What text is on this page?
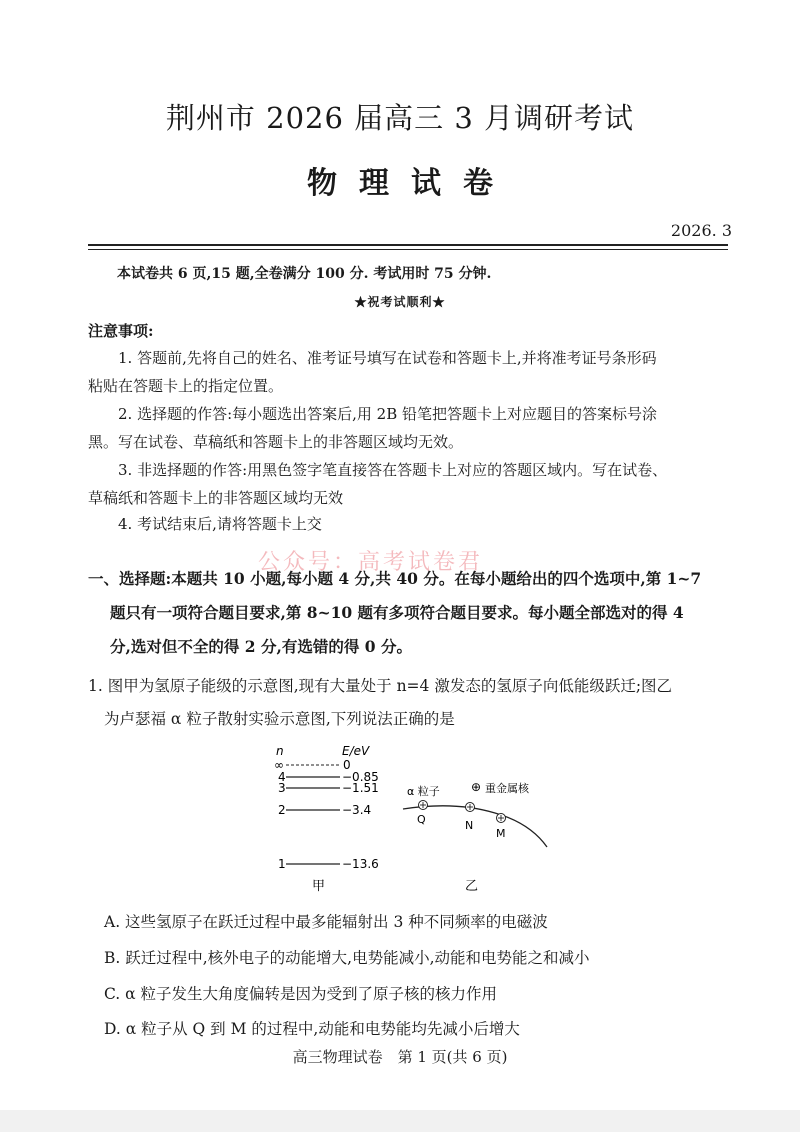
荆州市 2026 届高三 3 月调研考试
物理试卷
2026. 3
本试卷共 6 页,15 题,全卷满分 100 分. 考试用时 75 分钟.
★祝考试顺利★
注意事项:
1. 答题前,先将自己的姓名、准考证号填写在试卷和答题卡上,并将准考证号条形码
粘贴在答题卡上的指定位置。
2. 选择题的作答:每小题选出答案后,用 2B 铅笔把答题卡上对应题目的答案标号涂
黑。写在试卷、草稿纸和答题卡上的非答题区域均无效。
3. 非选择题的作答:用黑色签字笔直接答在答题卡上对应的答题区域内。写在试卷、
草稿纸和答题卡上的非答题区域均无效
4. 考试结束后,请将答题卡上交
公众号：高考试卷君
一、选择题:本题共 10 小题,每小题 4 分,共 40 分。在每小题给出的四个选项中,第 1~7
题只有一项符合题目要求,第 8~10 题有多项符合题目要求。每小题全部选对的得 4
分,选对但不全的得 2 分,有选错的得 0 分。
1. 图甲为氢原子能级的示意图,现有大量处于 n=4 激发态的氢原子向低能级跃迁;图乙
为卢瑟福 α 粒子散射实验示意图,下列说法正确的是
n	E/eV
∞	0
4	−0.85
3	−1.51
2	−3.4
1	−13.6
甲
α 粒子	⊕ 重金属核
Q	N
M
乙
A. 这些氢原子在跃迁过程中最多能辐射出 3 种不同频率的电磁波
B. 跃迁过程中,核外电子的动能增大,电势能减小,动能和电势能之和减小
C. α 粒子发生大角度偏转是因为受到了原子核的核力作用
D. α 粒子从 Q 到 M 的过程中,动能和电势能均先减小后增大
高三物理试卷　第 1 页(共 6 页)
